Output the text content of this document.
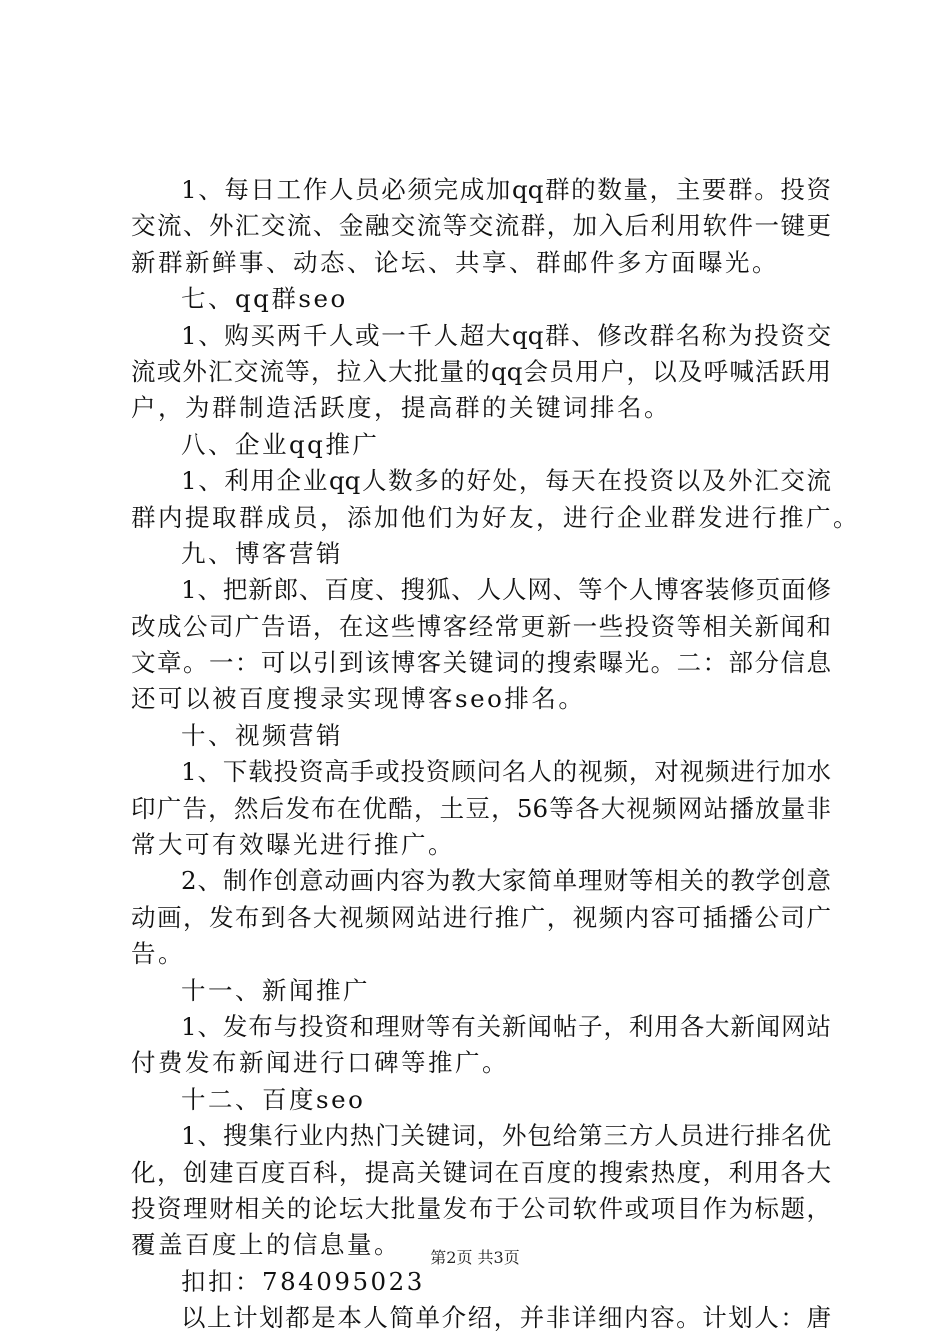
1、每日工作人员必须完成加qq群的数量，主要群。投资
交流、外汇交流、金融交流等交流群，加入后利用软件一键更
新群新鲜事、动态、论坛、共享、群邮件多方面曝光。
七、qq群seo
1、购买两千人或一千人超大qq群、修改群名称为投资交
流或外汇交流等，拉入大批量的qq会员用户，以及呼喊活跃用
户，为群制造活跃度，提高群的关键词排名。
八、企业qq推广
1、利用企业qq人数多的好处，每天在投资以及外汇交流
群内提取群成员，添加他们为好友，进行企业群发进行推广。
九、博客营销
1、把新郎、百度、搜狐、人人网、等个人博客装修页面修
改成公司广告语，在这些博客经常更新一些投资等相关新闻和
文章。一：可以引到该博客关键词的搜索曝光。二：部分信息
还可以被百度搜录实现博客seo排名。
十、视频营销
1、下载投资高手或投资顾问名人的视频，对视频进行加水
印广告，然后发布在优酷，土豆，56等各大视频网站播放量非
常大可有效曝光进行推广。
2、制作创意动画内容为教大家简单理财等相关的教学创意
动画，发布到各大视频网站进行推广，视频内容可插播公司广
告。
十一、新闻推广
1、发布与投资和理财等有关新闻帖子，利用各大新闻网站
付费发布新闻进行口碑等推广。
十二、百度seo
1、搜集行业内热门关键词，外包给第三方人员进行排名优
化，创建百度百科，提高关键词在百度的搜索热度，利用各大
投资理财相关的论坛大批量发布于公司软件或项目作为标题，
覆盖百度上的信息量。
扣扣：784095023
以上计划都是本人简单介绍，并非详细内容。计划人：唐
第2页 共3页
